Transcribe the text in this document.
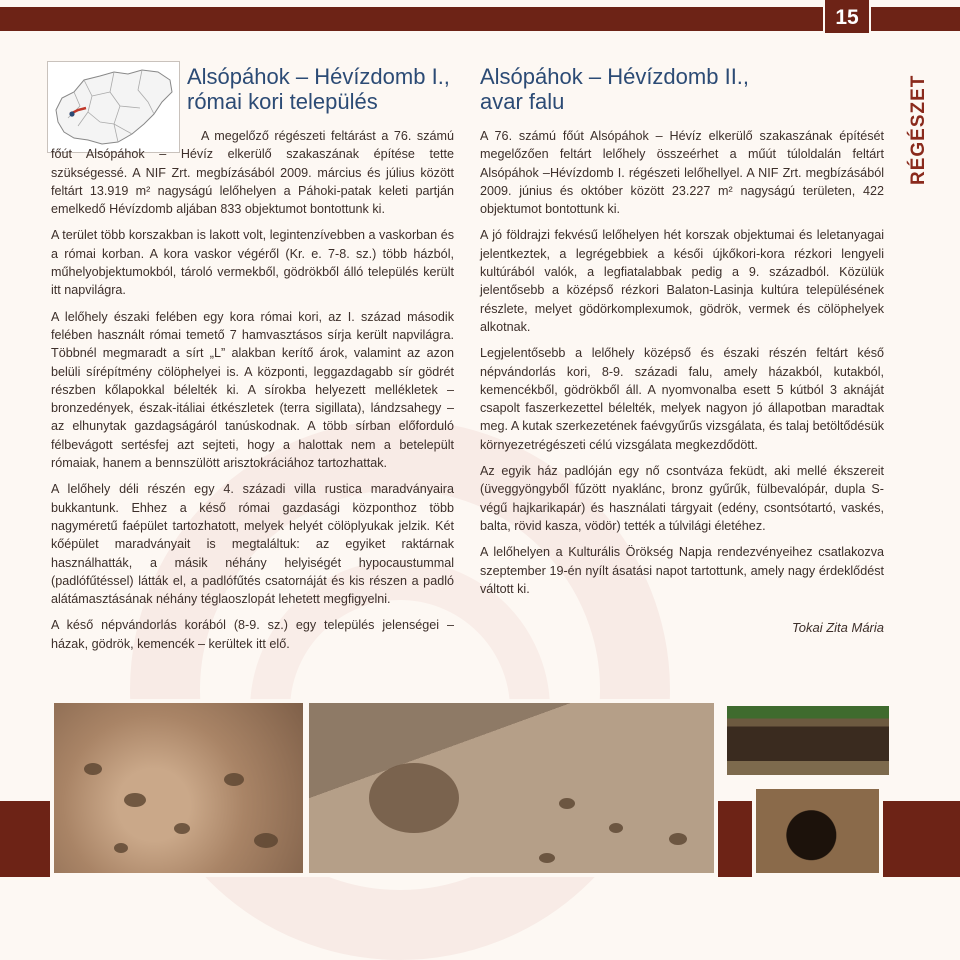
15
Alsópáhok – Hévízdomb I.,
római kori település
Alsópáhok – Hévízdomb II.,
avar falu	RÉGÉSZET

A megelőző régészeti feltárást a 76. számú főút Alsópáhok – Hévíz elkerülő szakaszának építése tette szükségessé. A NIF Zrt. megbízásából 2009. március és július között feltárt 13.919 m² nagyságú lelőhelyen a Páhoki-patak keleti partján emelkedő Hévízdomb aljában 833 objektumot bontottunk ki.

A terület több korszakban is lakott volt, legintenzívebben a vaskorban és a római korban. A kora vaskor végéről (Kr. e. 7-8. sz.) több házból, műhelyobjektumokból, tároló vermekből, gödrökből álló település került itt napvilágra.

A lelőhely északi felében egy kora római kori, az I. század második felében használt római temető 7 hamvasztásos sírja került napvilágra. Többnél megmaradt a sírt „L” alakban kerítő árok, valamint az azon belüli sírépítmény cölöphelyei is. A központi, leggazdagabb sír gödrét részben kőlapokkal bélelték ki. A sírokba helyezett mellékletek – bronzedények, észak-itáliai étkészletek (terra sigillata), lándzsahegy – az elhunytak gazdagságáról tanúskodnak. A több sírban előforduló félbevágott sertésfej azt sejteti, hogy a halottak nem a betelepült rómaiak, hanem a bennszülött arisztokráciához tartozhattak.

A lelőhely déli részén egy 4. századi villa rustica maradványaira bukkantunk. Ehhez a késő római gazdasági központhoz több nagyméretű faépület tartozhatott, melyek helyét cölöplyukak jelzik. Két kőépület maradványait is megtaláltuk: az egyiket raktárnak használhatták, a másik néhány helyiségét hypocaustummal (padlófűtéssel) látták el, a padlófűtés csatornáját és kis részen a padló alátámasztásának néhány téglaoszlopát lehetett megfigyelni.

A késő népvándorlás korából (8-9. sz.) egy település jelenségei – házak, gödrök, kemencék – kerültek itt elő.

A 76. számú főút Alsópáhok – Hévíz elkerülő szakaszának építését megelőzően feltárt lelőhely összeérhet a műút túloldalán feltárt Alsópáhok –Hévízdomb I. régészeti lelőhellyel. A NIF Zrt. megbízásából 2009. június és október között 23.227 m² nagyságú területen, 422 objektumot bontottunk ki.

A jó földrajzi fekvésű lelőhelyen hét korszak objektumai és leletanyagai jelentkeztek, a legrégebbiek a késői újkőkori-kora rézkori lengyeli kultúrából valók, a legfiatalabbak pedig a 9. századból. Közülük jelentősebb a középső rézkori Balaton-Lasinja kultúra településének részlete, melyet gödörkomplexumok, gödrök, vermek és cölöphelyek alkotnak.

Legjelentősebb a lelőhely középső és északi részén feltárt késő népvándorlás kori, 8-9. századi falu, amely házakból, kutakból, kemencékből, gödrökből áll. A nyomvonalba esett 5 kútból 3 aknáját csapolt faszerkezettel bélelték, melyek nagyon jó állapotban maradtak meg. A kutak szerkezetének faévgyűrűs vizsgálata, és talaj betöltődésük környezetrégészeti célú vizsgálata megkezdődött.

Az egyik ház padlóján egy nő csontváza feküdt, aki mellé ékszereit (üveggyöngyből fűzött nyaklánc, bronz gyűrűk, fülbevalópár, dupla S-végű hajkarikapár) és használati tárgyait (edény, csontsótartó, vaskés, balta, rövid kasza, vödör) tették a túlvilági életéhez.

A lelőhelyen a Kulturális Örökség Napja rendezvényeihez csatlakozva szeptember 19-én nyílt ásatási napot tartottunk, amely nagy érdeklődést váltott ki.

Tokai Zita Mária
